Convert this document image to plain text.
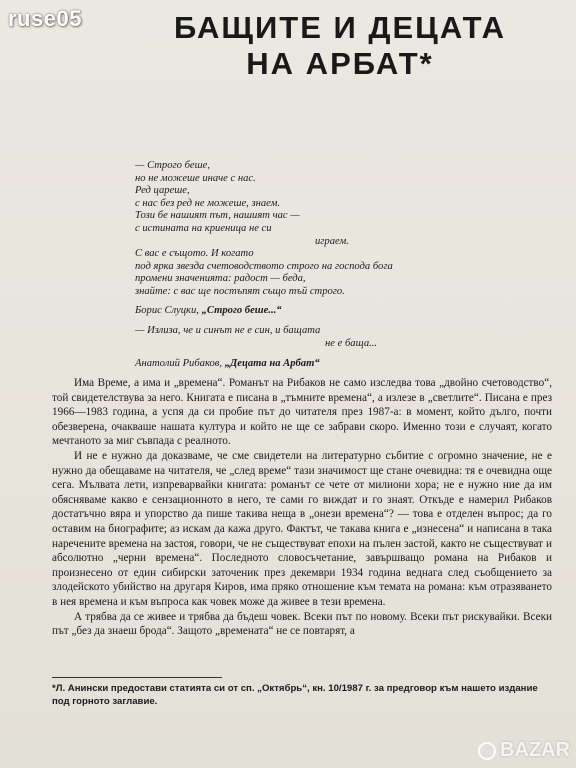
ruse05	БАЩИТЕ И ДЕЦАТА
НА АРБАТ*
— Строго беше,
но не можеше иначе с нас.
Ред цареше,
с нас без ред не можеше, знаем.
Този бе нашият път, нашият час —
с истината на криеница не си
играем.
С вас е същото. И когато
под ярка звезда счетоводството строго на господа бога
промени значенията: радост — беда,
знайте: с вас ще постъпят също тъй строго.
Борис Слуцки, „Строго беше...“
— Излиза, че и синът не е син, и бащата
не е баща...
Анатолий Рибаков, „Децата на Арбат“

Има Време, а има и „времена“. Романът на Рибаков не само изследва това „двойно счетоводство“, той свидетелствува за него. Книгата е писана в „тъмните времена“, а излезе в „светлите“. Писана е през 1966—1983 година, а успя да си пробие път до читателя през 1987-а: в момент, който дълго, почти обезверена, очакваше нашата култура и който не ще се забрави скоро. Именно този е случаят, когато мечтаното за миг съвпада с реалното.

И не е нужно да доказваме, че сме свидетели на литературно събитие с огромно значение, не е нужно да обещаваме на читателя, че „след време“ тази значимост ще стане очевидна: тя е очевидна още сега. Мълвата лети, изпреварвайки книгата: романът се чете от милиони хора; не е нужно ние да им обясняваме какво е сензационното в него, те сами го виждат и го знаят. Откъде е намерил Рибаков достатъчно вяра и упорство да пише такива неща в „онези времена“? — това е отделен въпрос; да го оставим на биографите; аз искам да кажа друго. Фактът, че такава книга е „изнесена“ и написана в така наречените времена на застоя, говори, че не съществуват епохи на пълен застой, както не съществуват и абсолютно „черни времена“. Последното словосъчетание, завършващо романа на Рибаков и произнесено от един сибирски заточеник през декември 1934 година веднага след съобщението за злодейското убийство на другаря Киров, има пряко отношение към темата на романа: към отразяването в нея времена и към въпроса как човек може да живее в тези времена.

А трябва да се живее и трябва да бъдеш човек. Всеки път по новому. Всеки път рискувайки. Всеки път „без да знаеш брода“. Защото „времената“ не се повтарят, а

*Л. Анински предостави статията си от сп. „Октябрь“, кн. 10/1987 г. за предговор към нашето издание под горното заглавие.
BAZAR
